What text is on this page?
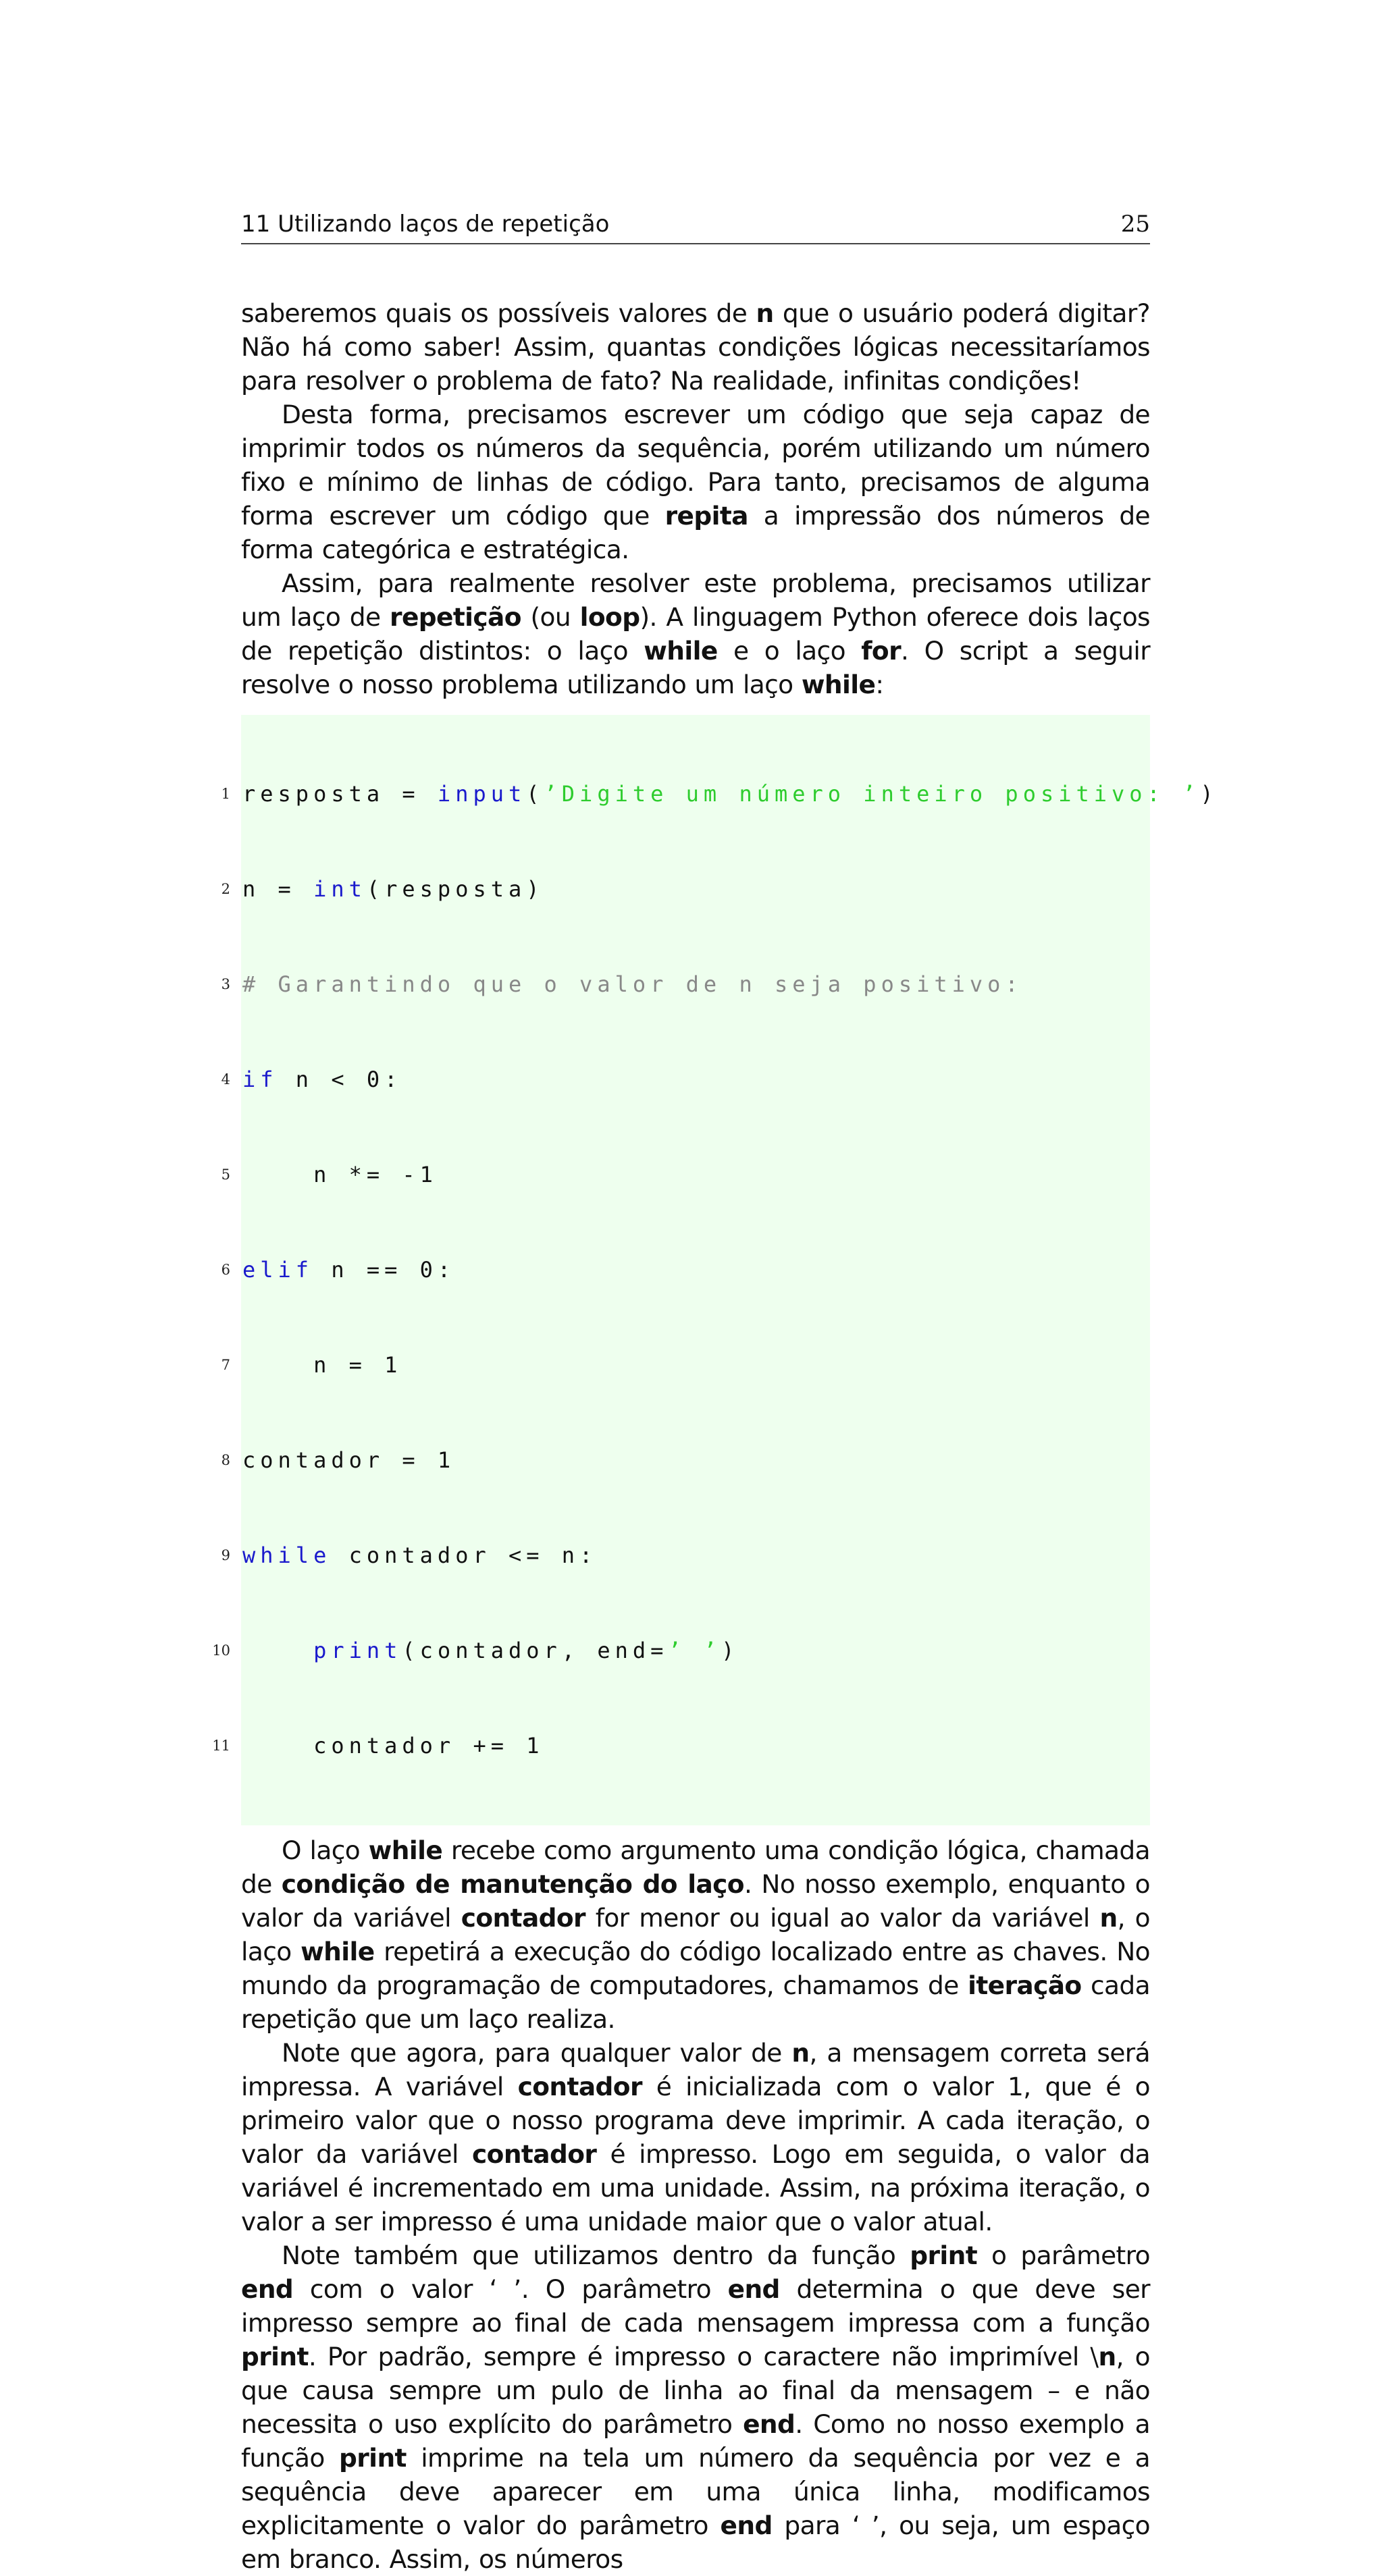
11 Utilizando laços de repetição	25

saberemos quais os possíveis valores de n que o usuário poderá digitar? Não há como saber! Assim, quantas condições lógicas necessitaríamos para resolver o problema de fato? Na realidade, infinitas condições!

Desta forma, precisamos escrever um código que seja capaz de imprimir todos os números da sequência, porém utilizando um número fixo e mínimo de linhas de código. Para tanto, precisamos de alguma forma escrever um código que repita a impressão dos números de forma categórica e estratégica.

Assim, para realmente resolver este problema, precisamos utilizar um laço de repetição (ou loop). A linguagem Python oferece dois laços de repetição distintos: o laço while e o laço for. O script a seguir resolve o nosso problema utilizando um laço while:

1 resposta = input(’Digite um número inteiro positivo: ’)

2 n = int(resposta)

3 # Garantindo que o valor de n seja positivo:

4 if n < 0:

5 n *= -1

6 elif n == 0:

7 n = 1

8 contador = 1

9 while contador <= n:

10	print(contador, end=’ ’)

11 contador += 1

O laço while recebe como argumento uma condição lógica, chamada de condição de manutenção do laço. No nosso exemplo, enquanto o valor da variável contador for menor ou igual ao valor da variável n, o laço while repetirá a execução do código localizado entre as chaves. No mundo da programação de computadores, chamamos de iteração cada repetição que um laço realiza.

Note que agora, para qualquer valor de n, a mensagem correta será impressa. A variável contador é inicializada com o valor 1, que é o primeiro valor que o nosso programa deve imprimir. A cada iteração, o valor da variável contador é impresso. Logo em seguida, o valor da variável é incrementado em uma unidade. Assim, na próxima iteração, o valor a ser impresso é uma unidade maior que o valor atual.

Note também que utilizamos dentro da função print o parâmetro end com o valor ‘ ’. O parâmetro end determina o que deve ser impresso sempre ao final de cada mensagem impressa com a função print. Por padrão, sempre é impresso o caractere não imprimível \n, o que causa sempre um pulo de linha ao final da mensagem – e não necessita o uso explícito do parâmetro end. Como no nosso exemplo a função print imprime na tela um número da sequência por vez e a sequência deve aparecer em uma única linha, modificamos explicitamente o valor do parâmetro end para ‘ ’, ou seja, um espaço em branco. Assim, os números
